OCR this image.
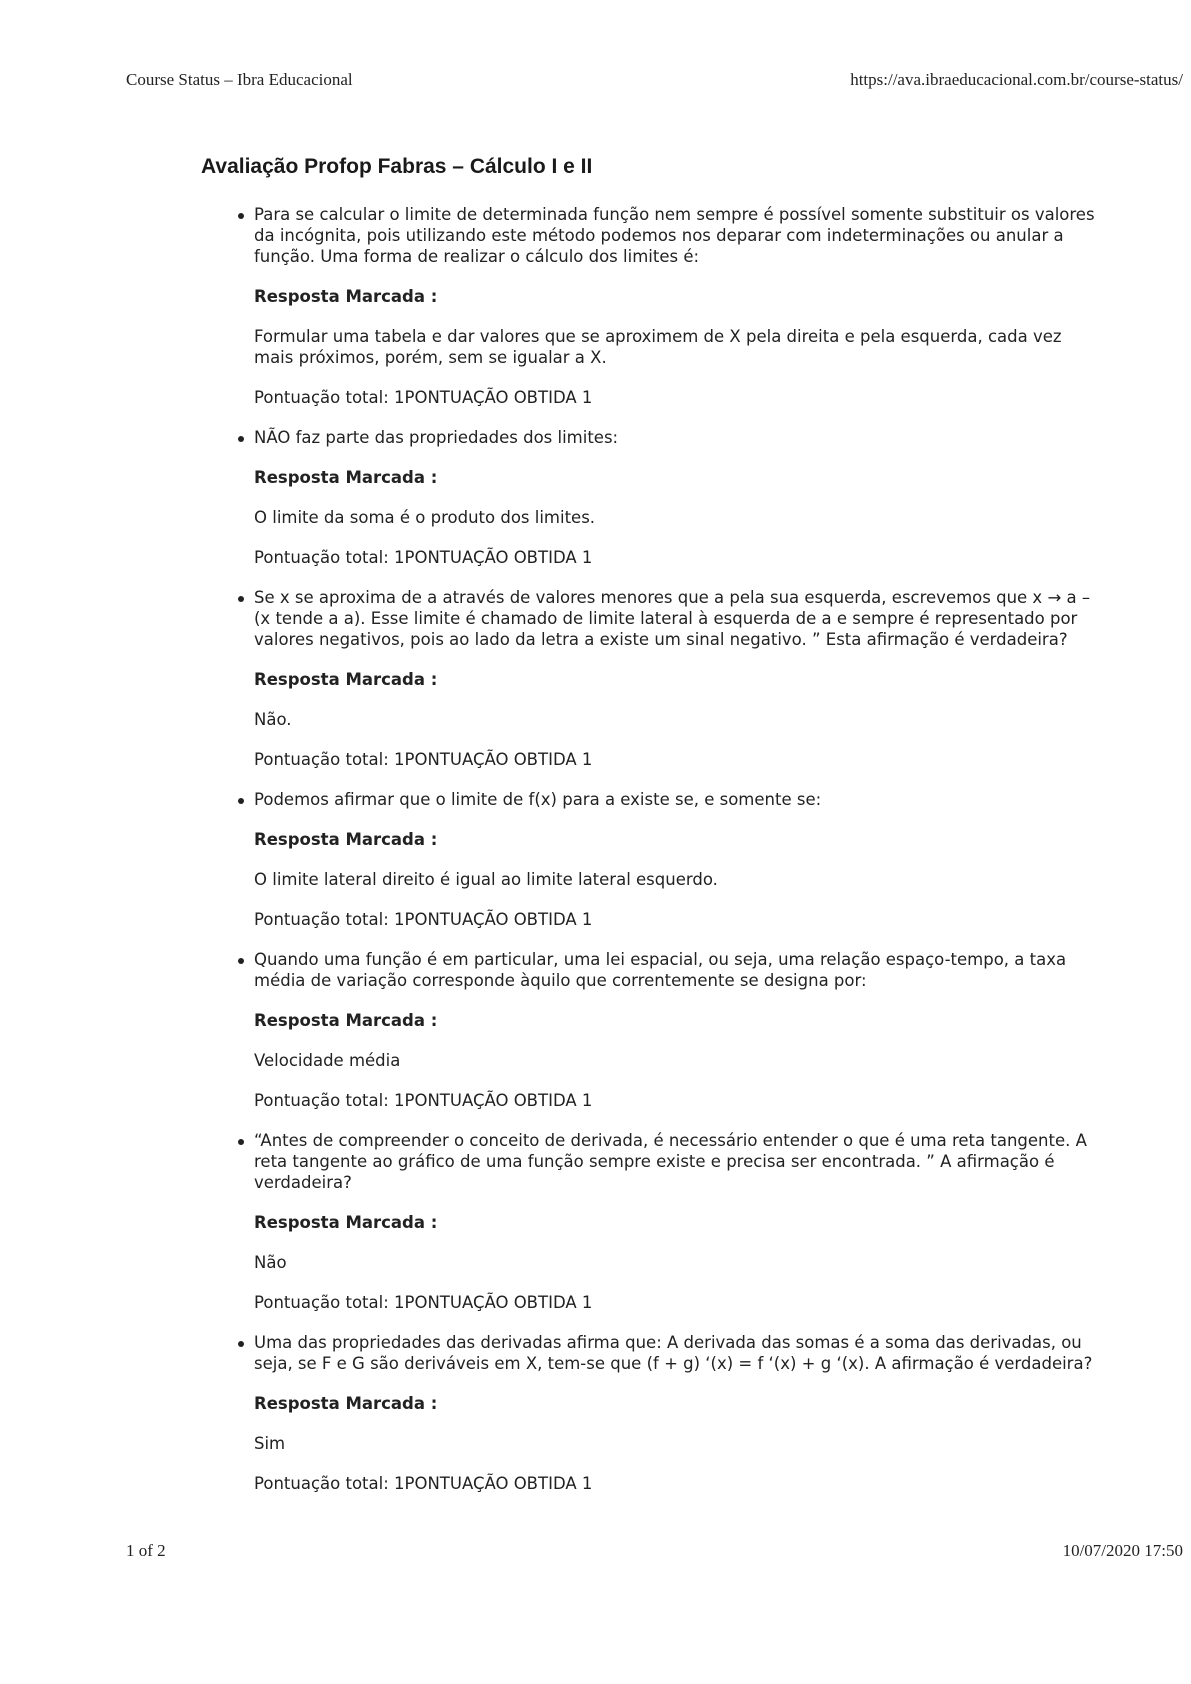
Course Status – Ibra Educacional	https://ava.ibraeducacional.com.br/course-status/
Avaliação Profop Fabras – Cálculo I e II

Para se calcular o limite de determinada função nem sempre é possível somente substituir os valores da incógnita, pois utilizando este método podemos nos deparar com indeterminações ou anular a função. Uma forma de realizar o cálculo dos limites é:

Resposta Marcada :

Formular uma tabela e dar valores que se aproximem de X pela direita e pela esquerda, cada vez mais próximos, porém, sem se igualar a X.

Pontuação total: 1PONTUAÇÃO OBTIDA 1

NÃO faz parte das propriedades dos limites:

Resposta Marcada :

O limite da soma é o produto dos limites.

Pontuação total: 1PONTUAÇÃO OBTIDA 1

Se x se aproxima de a através de valores menores que a pela sua esquerda, escrevemos que x → a – (x tende a a). Esse limite é chamado de limite lateral à esquerda de a e sempre é representado por valores negativos, pois ao lado da letra a existe um sinal negativo. ” Esta afirmação é verdadeira?

Resposta Marcada :

Não.

Pontuação total: 1PONTUAÇÃO OBTIDA 1

Podemos afirmar que o limite de f(x) para a existe se, e somente se:

Resposta Marcada :

O limite lateral direito é igual ao limite lateral esquerdo.

Pontuação total: 1PONTUAÇÃO OBTIDA 1

Quando uma função é em particular, uma lei espacial, ou seja, uma relação espaço-tempo, a taxa média de variação corresponde àquilo que correntemente se designa por:

Resposta Marcada :

Velocidade média

Pontuação total: 1PONTUAÇÃO OBTIDA 1

“Antes de compreender o conceito de derivada, é necessário entender o que é uma reta tangente. A reta tangente ao gráfico de uma função sempre existe e precisa ser encontrada. ” A afirmação é verdadeira?

Resposta Marcada :

Não

Pontuação total: 1PONTUAÇÃO OBTIDA 1

Uma das propriedades das derivadas afirma que: A derivada das somas é a soma das derivadas, ou seja, se F e G são deriváveis em X, tem-se que (f + g) ‘(x) = f ‘(x) + g ‘(x). A afirmação é verdadeira?

Resposta Marcada :

Sim

Pontuação total: 1PONTUAÇÃO OBTIDA 1

1 of 2	10/07/2020 17:50
